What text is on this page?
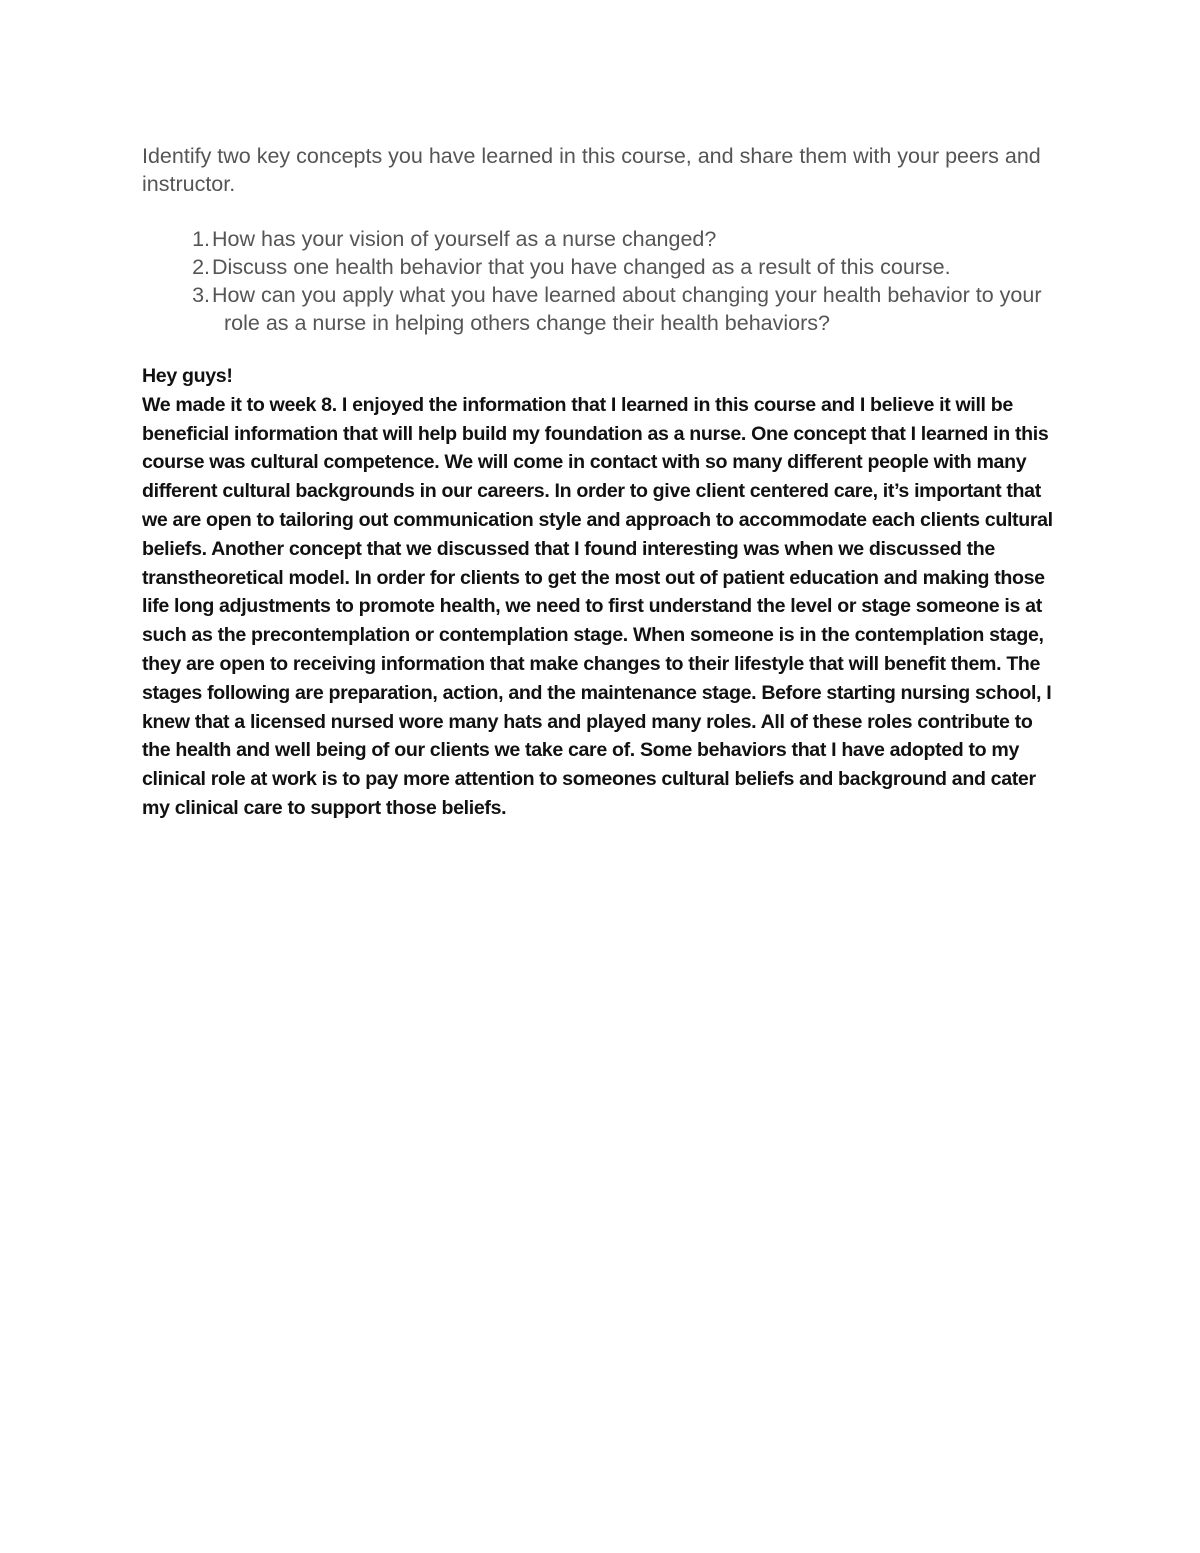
Identify two key concepts you have learned in this course, and share them with your peers and instructor.

1. How has your vision of yourself as a nurse changed?
2. Discuss one health behavior that you have changed as a result of this course.
3. How can you apply what you have learned about changing your health behavior to your role as a nurse in helping others change their health behaviors?

Hey guys!

We made it to week 8. I enjoyed the information that I learned in this course and I believe it will be beneficial information that will help build my foundation as a nurse. One concept that I learned in this course was cultural competence. We will come in contact with so many different people with many different cultural backgrounds in our careers. In order to give client centered care, it’s important that we are open to tailoring out communication style and approach to accommodate each clients cultural beliefs. Another concept that we discussed that I found interesting was when we discussed the transtheoretical model. In order for clients to get the most out of patient education and making those life long adjustments to promote health, we need to first understand the level or stage someone is at such as the precontemplation or contemplation stage. When someone is in the contemplation stage, they are open to receiving information that make changes to their lifestyle that will benefit them. The stages following are preparation, action, and the maintenance stage. Before starting nursing school, I knew that a licensed nursed wore many hats and played many roles. All of these roles contribute to the health and well being of our clients we take care of. Some behaviors that I have adopted to my clinical role at work is to pay more attention to someones cultural beliefs and background and cater my clinical care to support those beliefs.
